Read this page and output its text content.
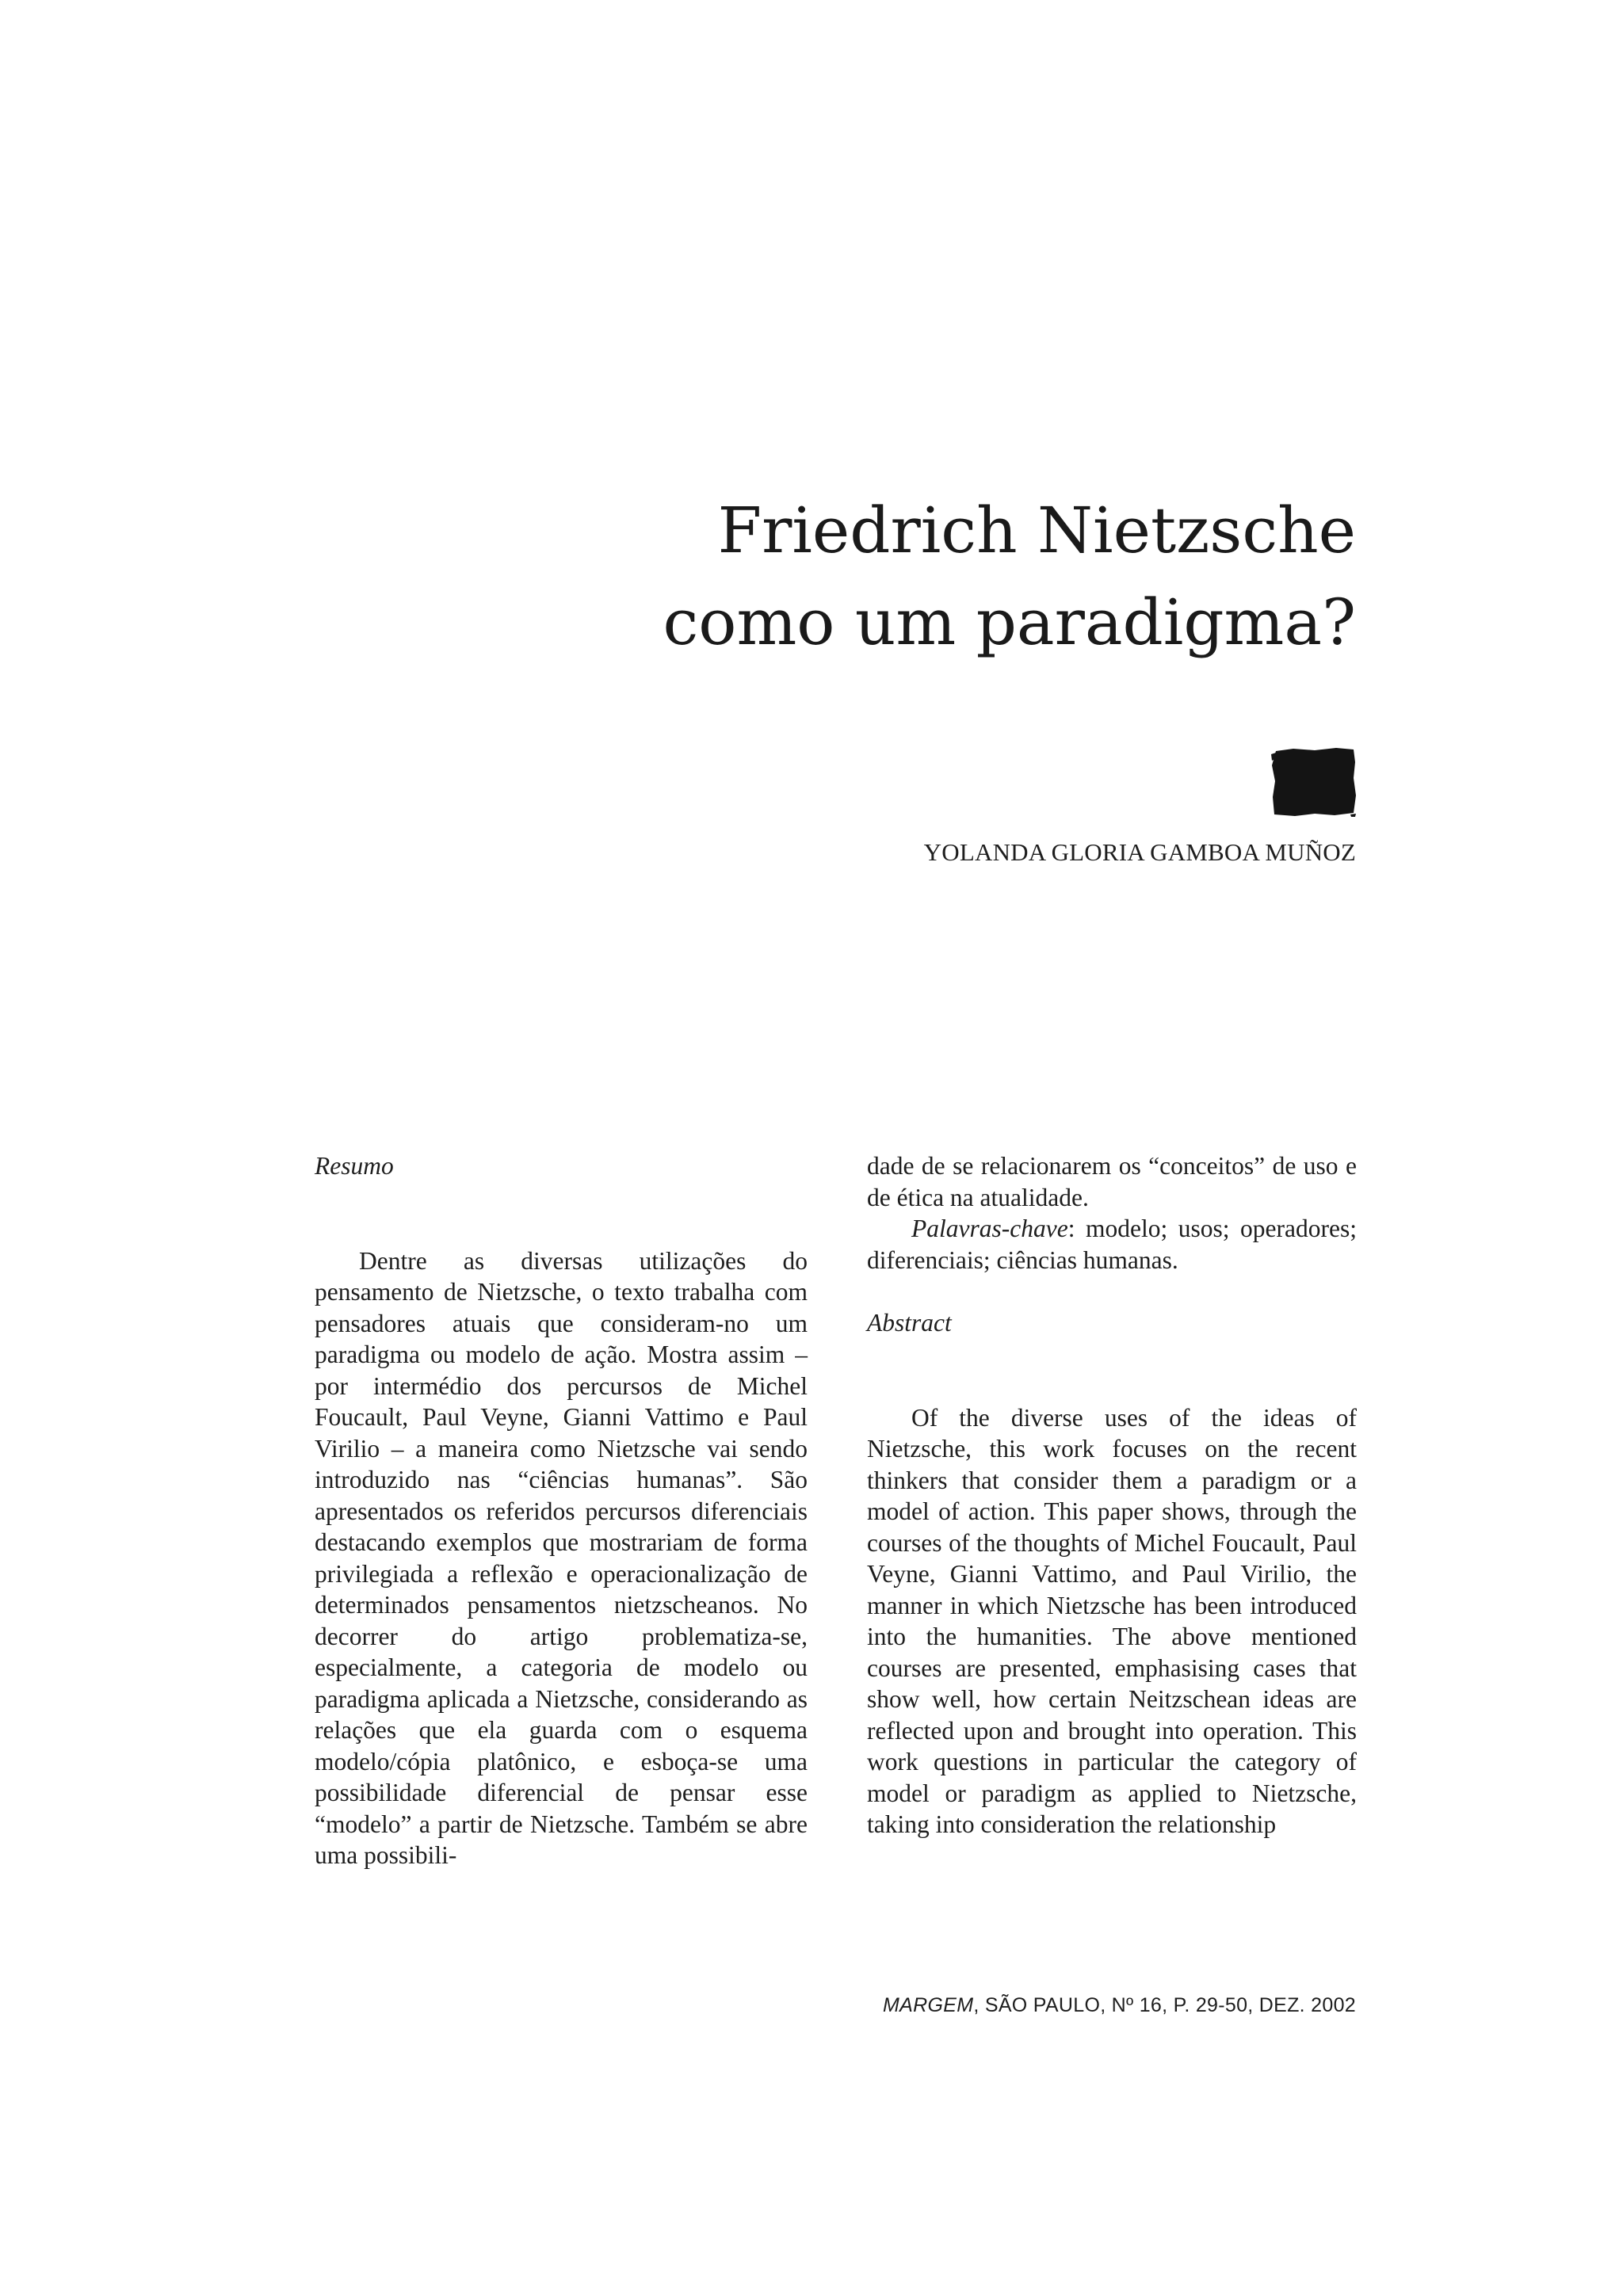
Friedrich Nietzsche
como um paradigma?
YOLANDA GLORIA GAMBOA MUÑOZ
Resumo

Dentre as diversas utilizações do pensamento de Nietzsche, o texto trabalha com pensadores atuais que consideram-no um paradigma ou modelo de ação. Mostra assim – por intermédio dos percursos de Michel Foucault, Paul Veyne, Gianni Vattimo e Paul Virilio – a maneira como Nietzsche vai sendo introduzido nas “ciências humanas”. São apresentados os referidos percursos diferenciais destacando exemplos que mostrariam de forma privilegiada a reflexão e operacionalização de determinados pensamentos nietzscheanos. No decorrer do artigo problematiza-se, especialmente, a categoria de modelo ou paradigma aplicada a Nietzsche, considerando as relações que ela guarda com o esquema modelo/cópia platônico, e esboça-se uma possibilidade diferencial de pensar esse “modelo” a partir de Nietzsche. Também se abre uma possibili-

dade de se relacionarem os “conceitos” de uso e de ética na atualidade.

Palavras-chave: modelo; usos; operadores; diferenciais; ciências humanas.

Abstract

Of the diverse uses of the ideas of Nietzsche, this work focuses on the recent thinkers that consider them a paradigm or a model of action. This paper shows, through the courses of the thoughts of Michel Foucault, Paul Veyne, Gianni Vattimo, and Paul Virilio, the manner in which Nietzsche has been introduced into the humanities. The above mentioned courses are presented, emphasising cases that show well, how certain Neitzschean ideas are reflected upon and brought into operation. This work questions in particular the category of model or paradigm as applied to Nietzsche, taking into consideration the relationship

MARGEM, SÃO PAULO, Nº 16, P. 29-50, DEZ. 2002
